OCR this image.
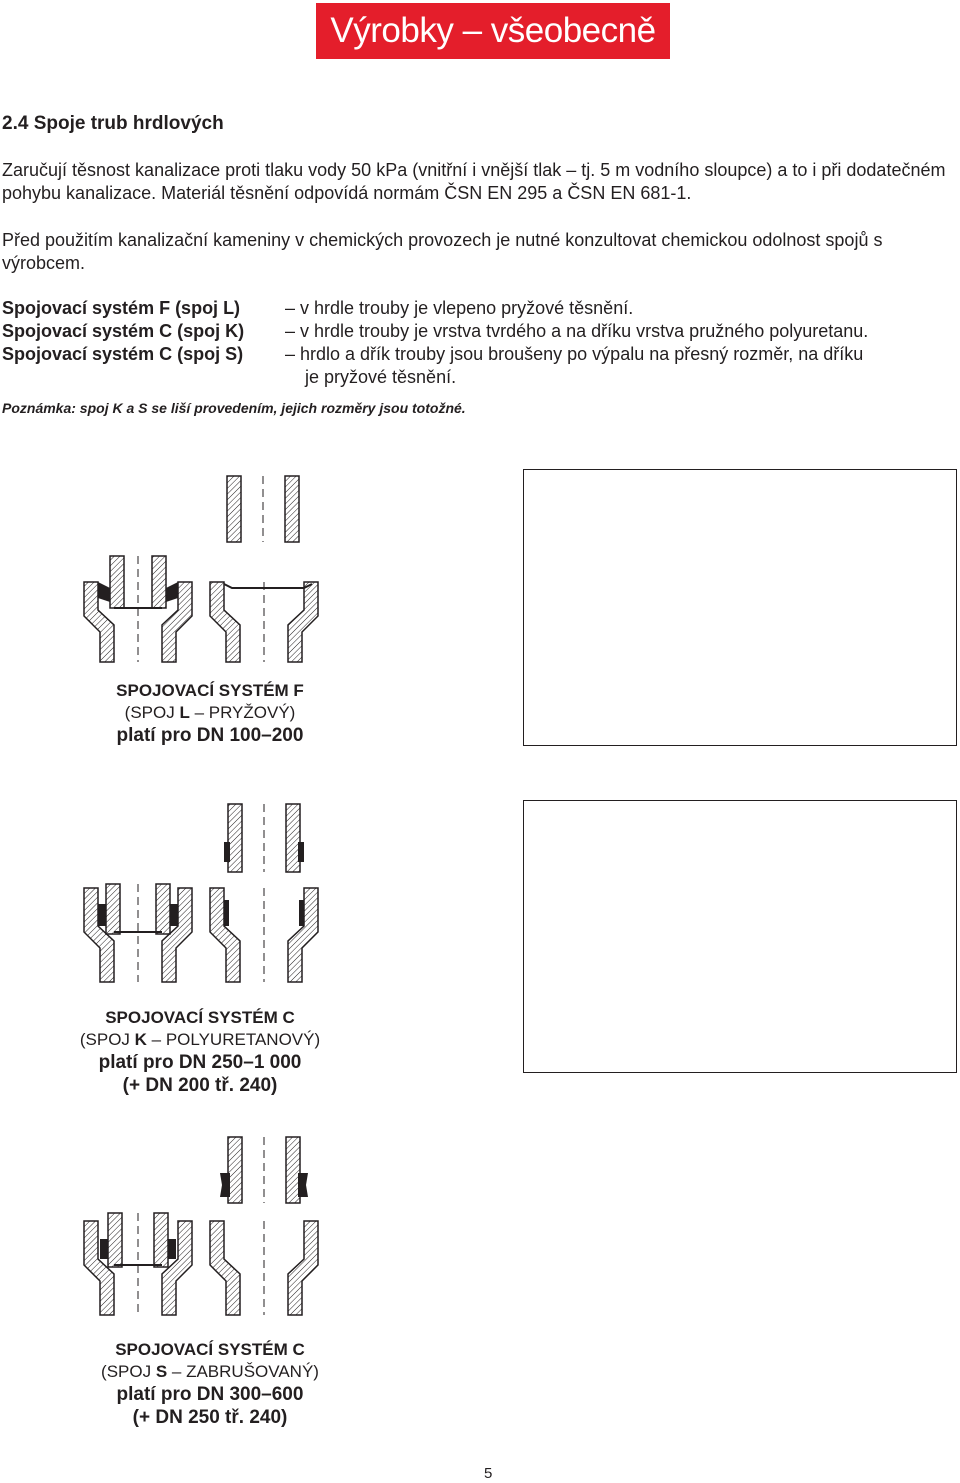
Výrobky – všeobecně
2.4 Spoje trub hrdlových

Zaručují těsnost kanalizace proti tlaku vody 50 kPa (vnitřní i vnější tlak – tj. 5 m vodního sloupce) a to i při dodatečném pohybu kanalizace. Materiál těsnění odpovídá normám ČSN EN 295 a ČSN EN 681-1.

Před použitím kanalizační kameniny v chemických provozech je nutné konzultovat chemickou odolnost spojů s výrobcem.

Spojovací systém F (spoj L)	– v hrdle trouby je vlepeno pryžové těsnění.
Spojovací systém C (spoj K)	– v hrdle trouby je vrstva tvrdého a na dříku vrstva pružného polyuretanu.
Spojovací systém C (spoj S)	– hrdlo a dřík trouby jsou broušeny po výpalu na přesný rozměr, na dříku
je pryžové těsnění.
Poznámka: spoj K a S se liší provedením, jejich rozměry jsou totožné.
SPOJOVACÍ SYSTÉM F
(SPOJ L – PRYŽOVÝ)
platí pro DN 100–200
SPOJOVACÍ SYSTÉM C
(SPOJ K – POLYURETANOVÝ)
platí pro DN 250–1 000
(+ DN 200 tř. 240)
SPOJOVACÍ SYSTÉM C
(SPOJ S – ZABRUŠOVANÝ)
platí pro DN 300–600
(+ DN 250 tř. 240)
5
